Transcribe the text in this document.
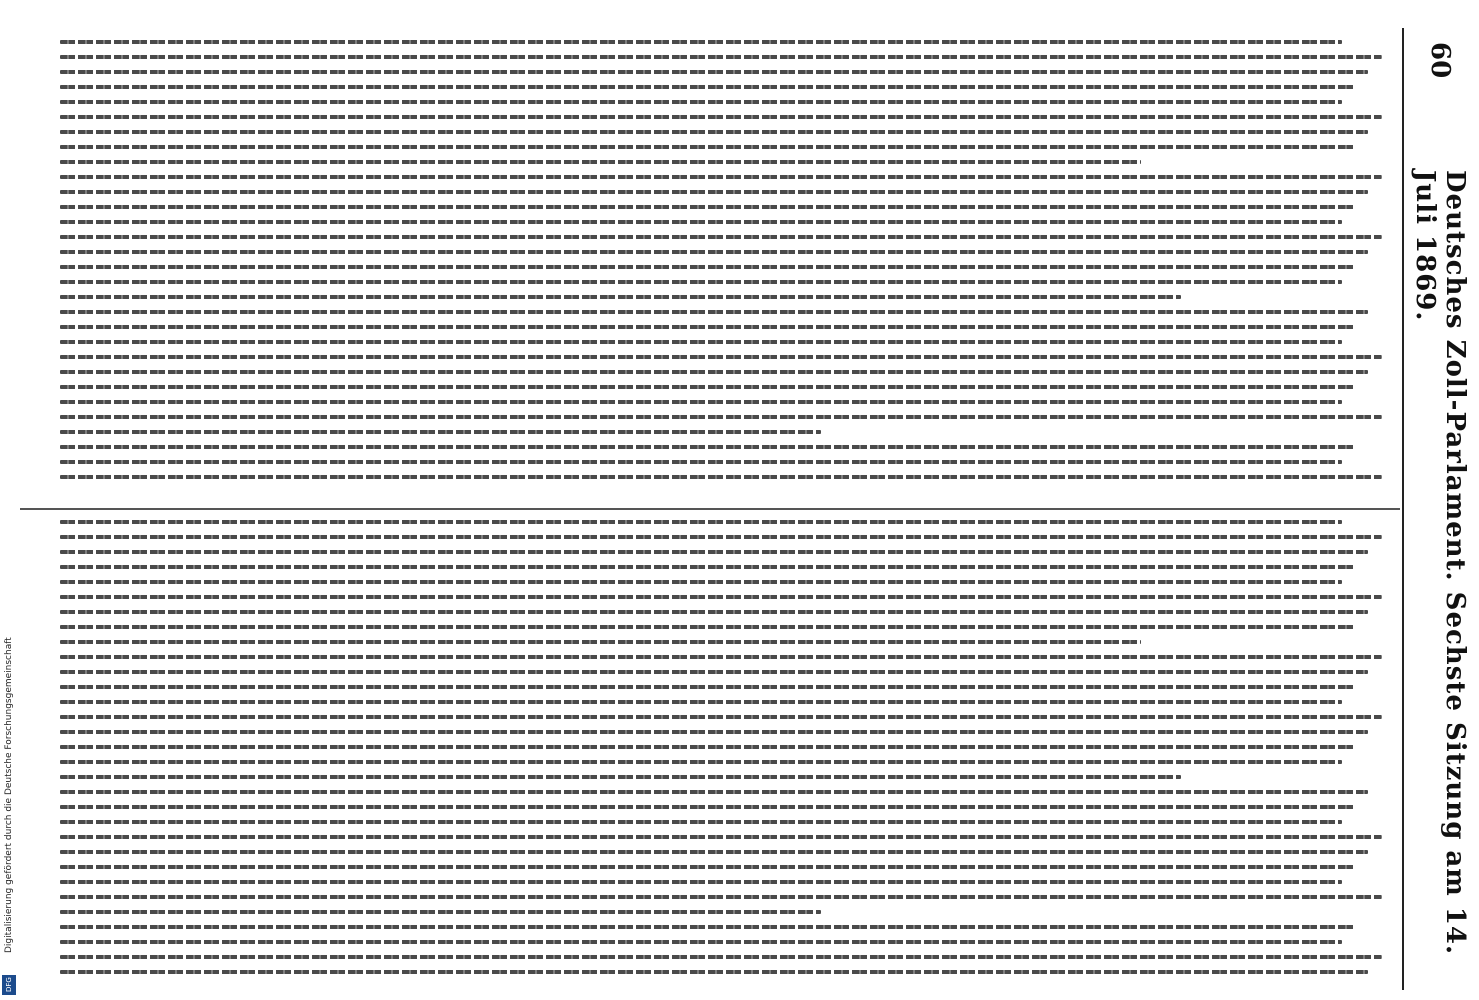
60
Deutsches Zoll-Parlament. Sechste Sitzung am 14. Juli 1869.
Digitalisierung gefördert durch die Deutsche Forschungsgemeinschaft
DFG
